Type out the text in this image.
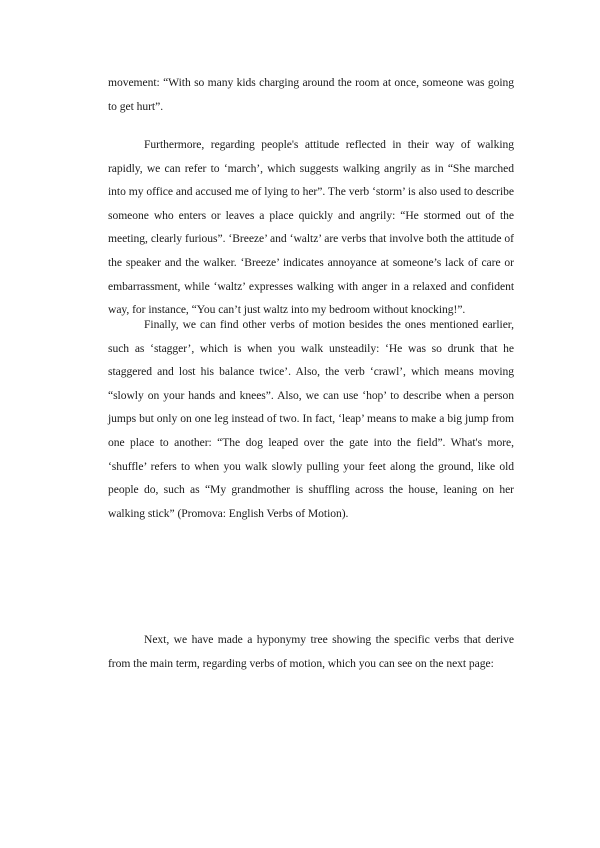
movement: “With so many kids charging around the room at once, someone was going to get hurt”.

Furthermore, regarding people's attitude reflected in their way of walking rapidly, we can refer to ‘march’, which suggests walking angrily as in “She marched into my office and accused me of lying to her”. The verb ‘storm’ is also used to describe someone who enters or leaves a place quickly and angrily: “He stormed out of the meeting, clearly furious”. ‘Breeze’ and ‘waltz’ are verbs that involve both the attitude of the speaker and the walker. ‘Breeze’ indicates annoyance at someone’s lack of care or embarrassment, while ‘waltz’ expresses walking with anger in a relaxed and confident way, for instance, “You can’t just waltz into my bedroom without knocking!”.

Finally, we can find other verbs of motion besides the ones mentioned earlier, such as ‘stagger’, which is when you walk unsteadily: ‘He was so drunk that he staggered and lost his balance twice’. Also, the verb ‘crawl’, which means moving “slowly on your hands and knees”. Also, we can use ‘hop’ to describe when a person jumps but only on one leg instead of two. In fact, ‘leap’ means to make a big jump from one place to another: “The dog leaped over the gate into the field”. What's more, ‘shuffle’ refers to when you walk slowly pulling your feet along the ground, like old people do, such as “My grandmother is shuffling across the house, leaning on her walking stick” (Promova: English Verbs of Motion).

Next, we have made a hyponymy tree showing the specific verbs that derive from the main term, regarding verbs of motion, which you can see on the next page:
